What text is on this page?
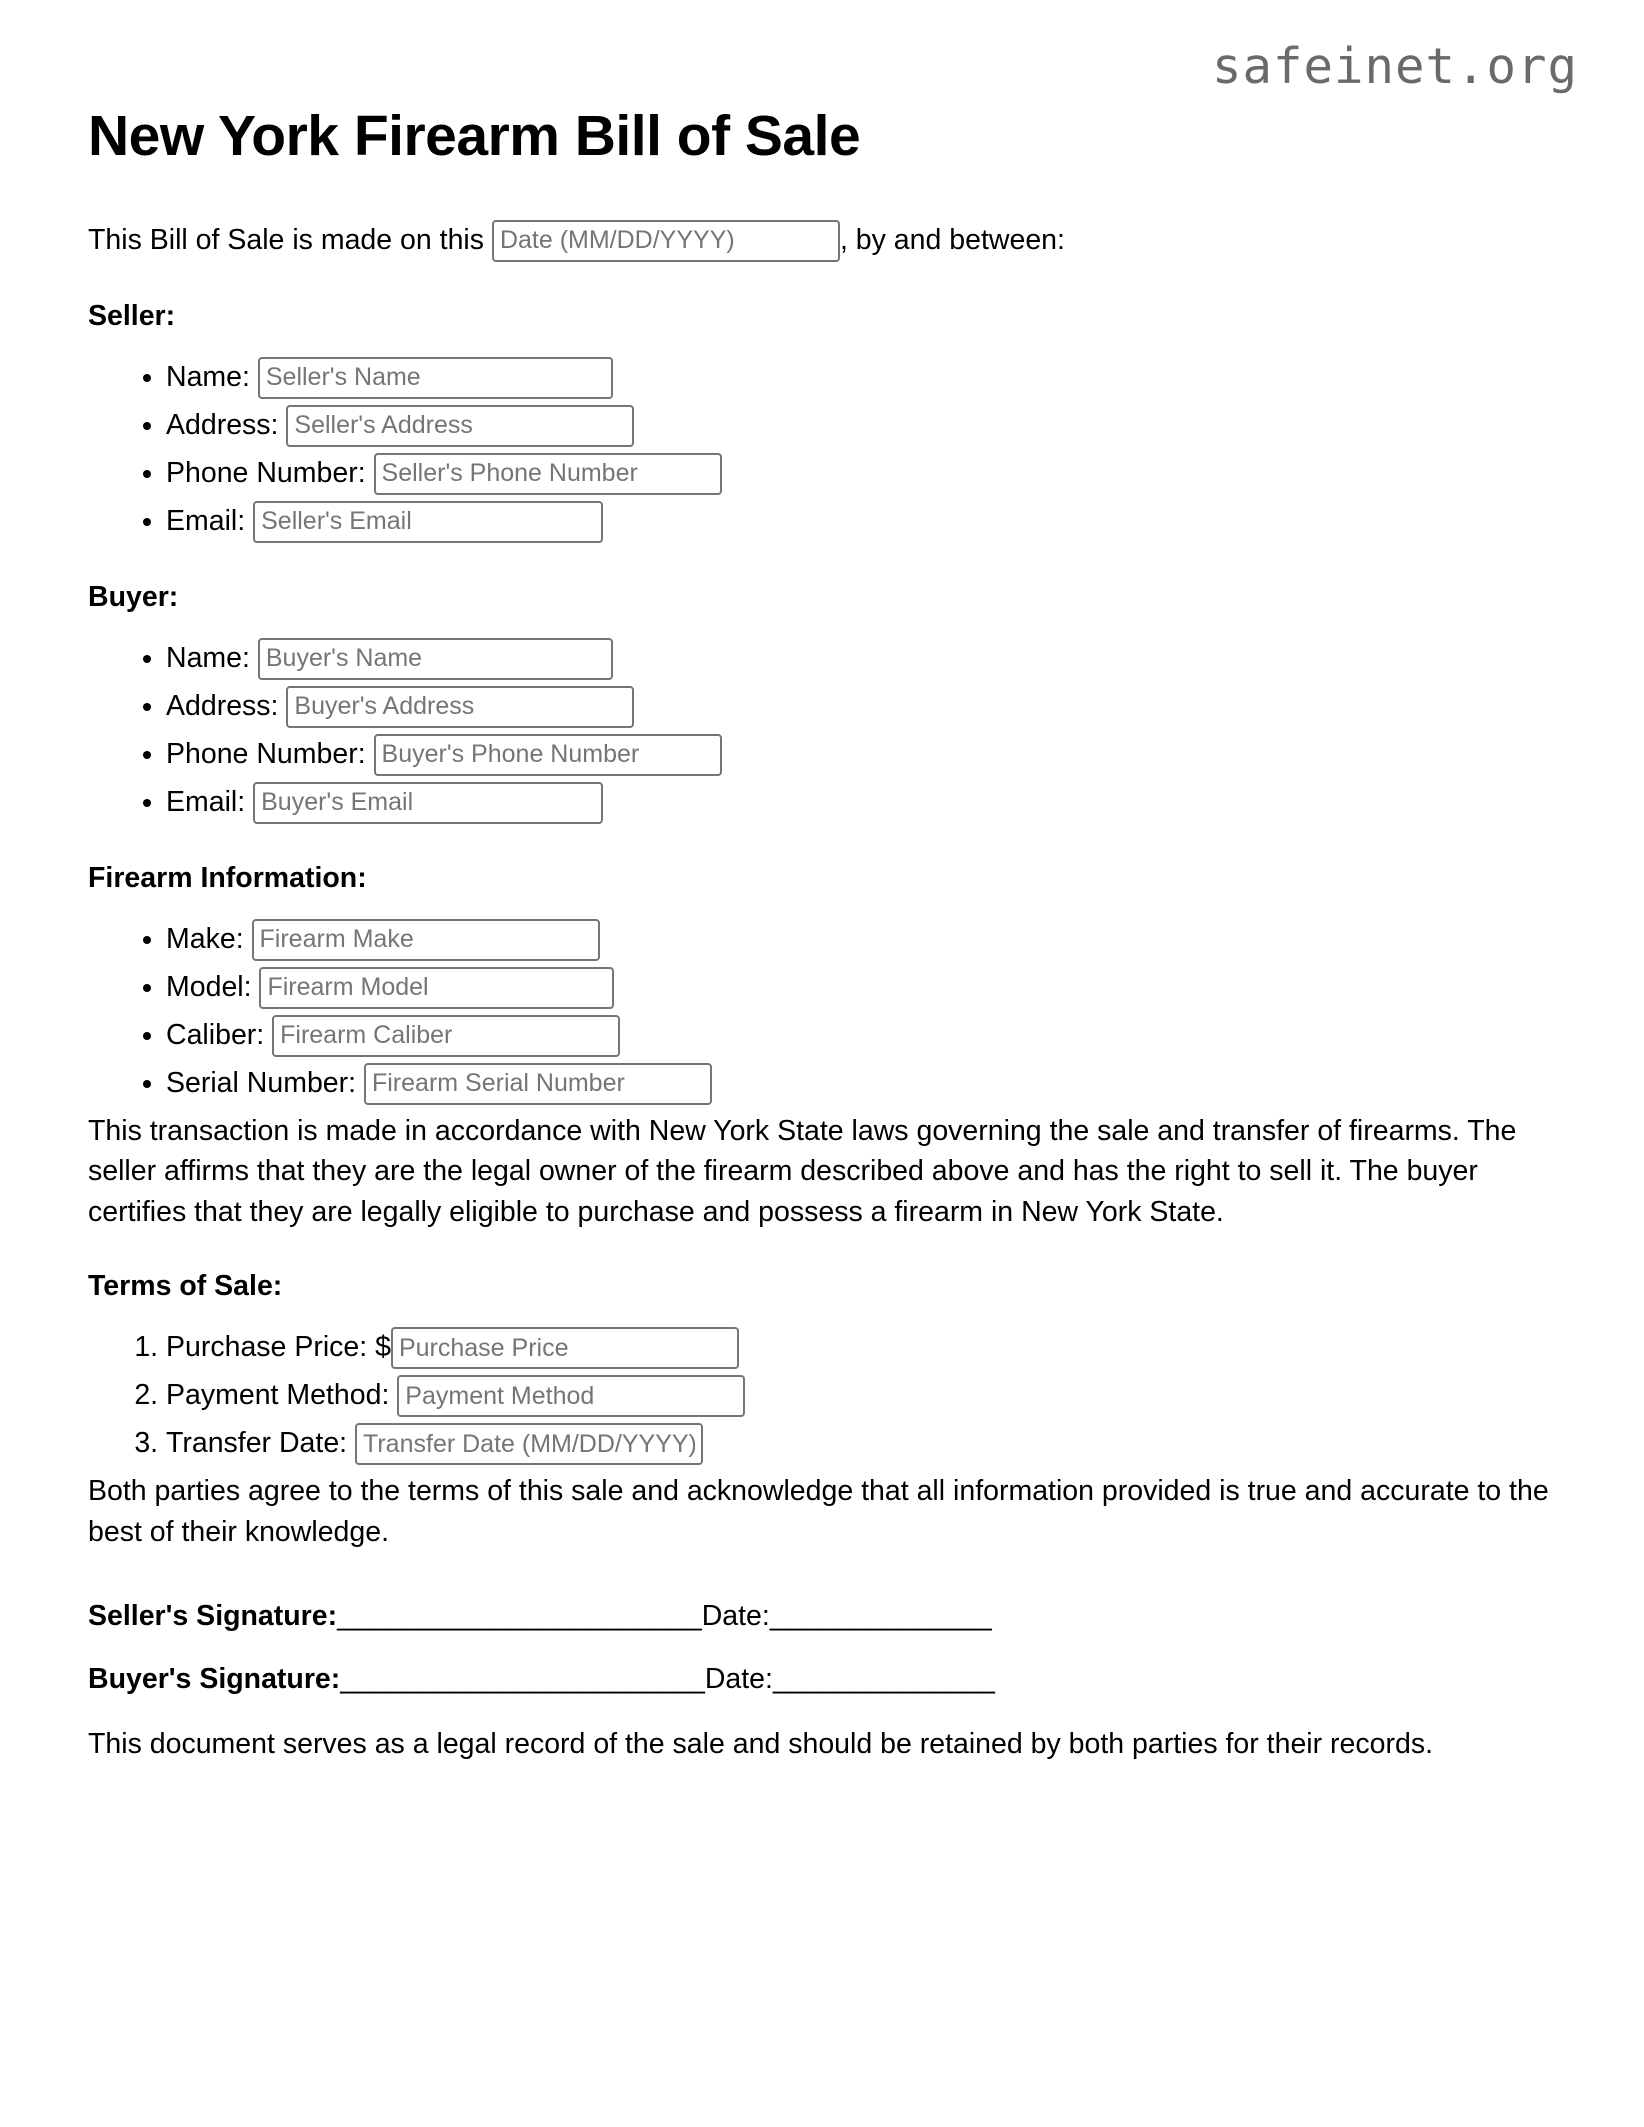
safeinet.org
New York Firearm Bill of Sale
This Bill of Sale is made on this
Date (MM/DD/YYYY)	, by and between:
Seller:
• Name:
Seller's Name
• Address:
Seller's Address
• Phone Number:
Seller's Phone Number
• Email:
Seller's Email
Buyer:
• Name:
Buyer's Name
• Address:
Buyer's Address
• Phone Number:
Buyer's Phone Number
• Email:
Buyer's Email
Firearm Information:
• Make:
Firearm Make
• Model:
Firearm Model
• Caliber:
Firearm Caliber
• Serial Number:
Firearm Serial Number

This transaction is made in accordance with New York State laws governing the sale and transfer of firearms. The seller affirms that they are the legal owner of the firearm described above and has the right to sell it. The buyer certifies that they are legally eligible to purchase and possess a firearm in New York State.

Terms of Sale:
1. Purchase Price: $
Purchase Price
2. Payment Method:
Payment Method
3. Transfer Date:
Transfer Date (MM/DD/YYYY)

Both parties agree to the terms of this sale and acknowledge that all information provided is true and accurate to the best of their knowledge.

Seller's Signature: _______________________ Date: ______________
Buyer's Signature: _______________________ Date: ______________

This document serves as a legal record of the sale and should be retained by both parties for their records.
